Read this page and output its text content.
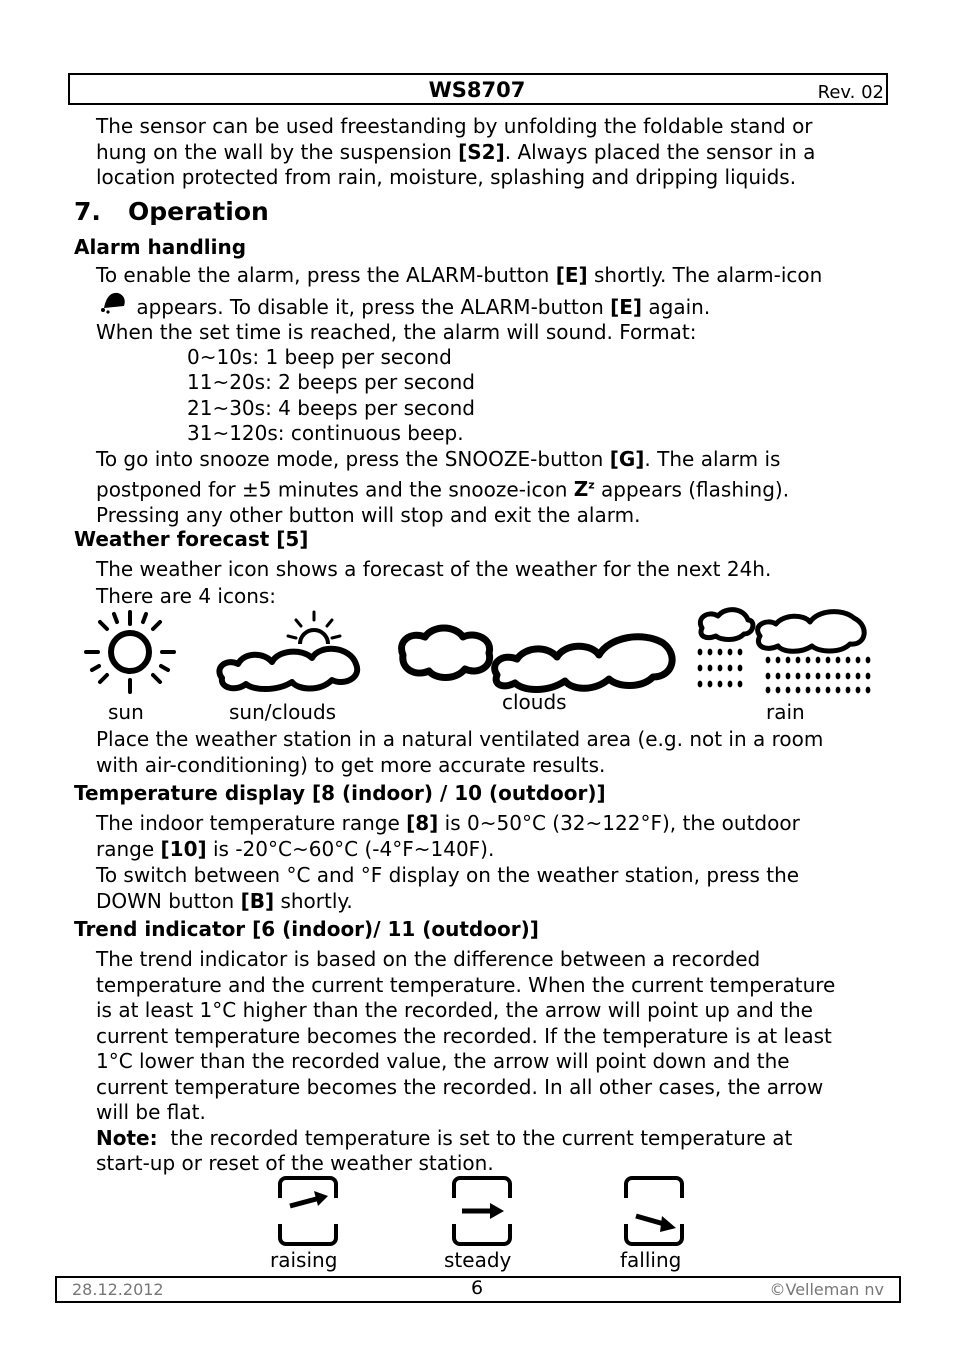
WS8707	Rev. 02
The sensor can be used freestanding by unfolding the foldable stand or
hung on the wall by the suspension [S2]. Always placed the sensor in a
location protected from rain, moisture, splashing and dripping liquids.
7. Operation
Alarm handling
To enable the alarm, press the ALARM-button [E] shortly. The alarm-icon
appears. To disable it, press the ALARM-button [E] again.
When the set time is reached, the alarm will sound. Format:
0~10s: 1 beep per second
11~20s: 2 beeps per second
21~30s: 4 beeps per second
31~120s: continuous beep.
To go into snooze mode, press the SNOOZE-button [G]. The alarm is
postponed for ±5 minutes and the snooze-icon $Z^z$ appears (flashing).
Pressing any other button will stop and exit the alarm.
Weather forecast [5]
The weather icon shows a forecast of the weather for the next 24h.
There are 4 icons:
sun	sun/clouds	clouds	rain
Place the weather station in a natural ventilated area (e.g. not in a room
with air-conditioning) to get more accurate results.
Temperature display [8 (indoor) / 10 (outdoor)]
The indoor temperature range [8] is 0~50°C (32~122°F), the outdoor
range [10] is -20°C~60°C (-4°F~140F).
To switch between °C and °F display on the weather station, press the
DOWN button [B] shortly.
Trend indicator [6 (indoor)/ 11 (outdoor)]
The trend indicator is based on the difference between a recorded
temperature and the current temperature. When the current temperature
is at least 1°C higher than the recorded, the arrow will point up and the
current temperature becomes the recorded. If the temperature is at least
1°C lower than the recorded value, the arrow will point down and the
current temperature becomes the recorded. In all other cases, the arrow
will be flat.
Note:  the recorded temperature is set to the current temperature at
start-up or reset of the weather station.
raising	steady	falling
28.12.2012	6	©Velleman nv
